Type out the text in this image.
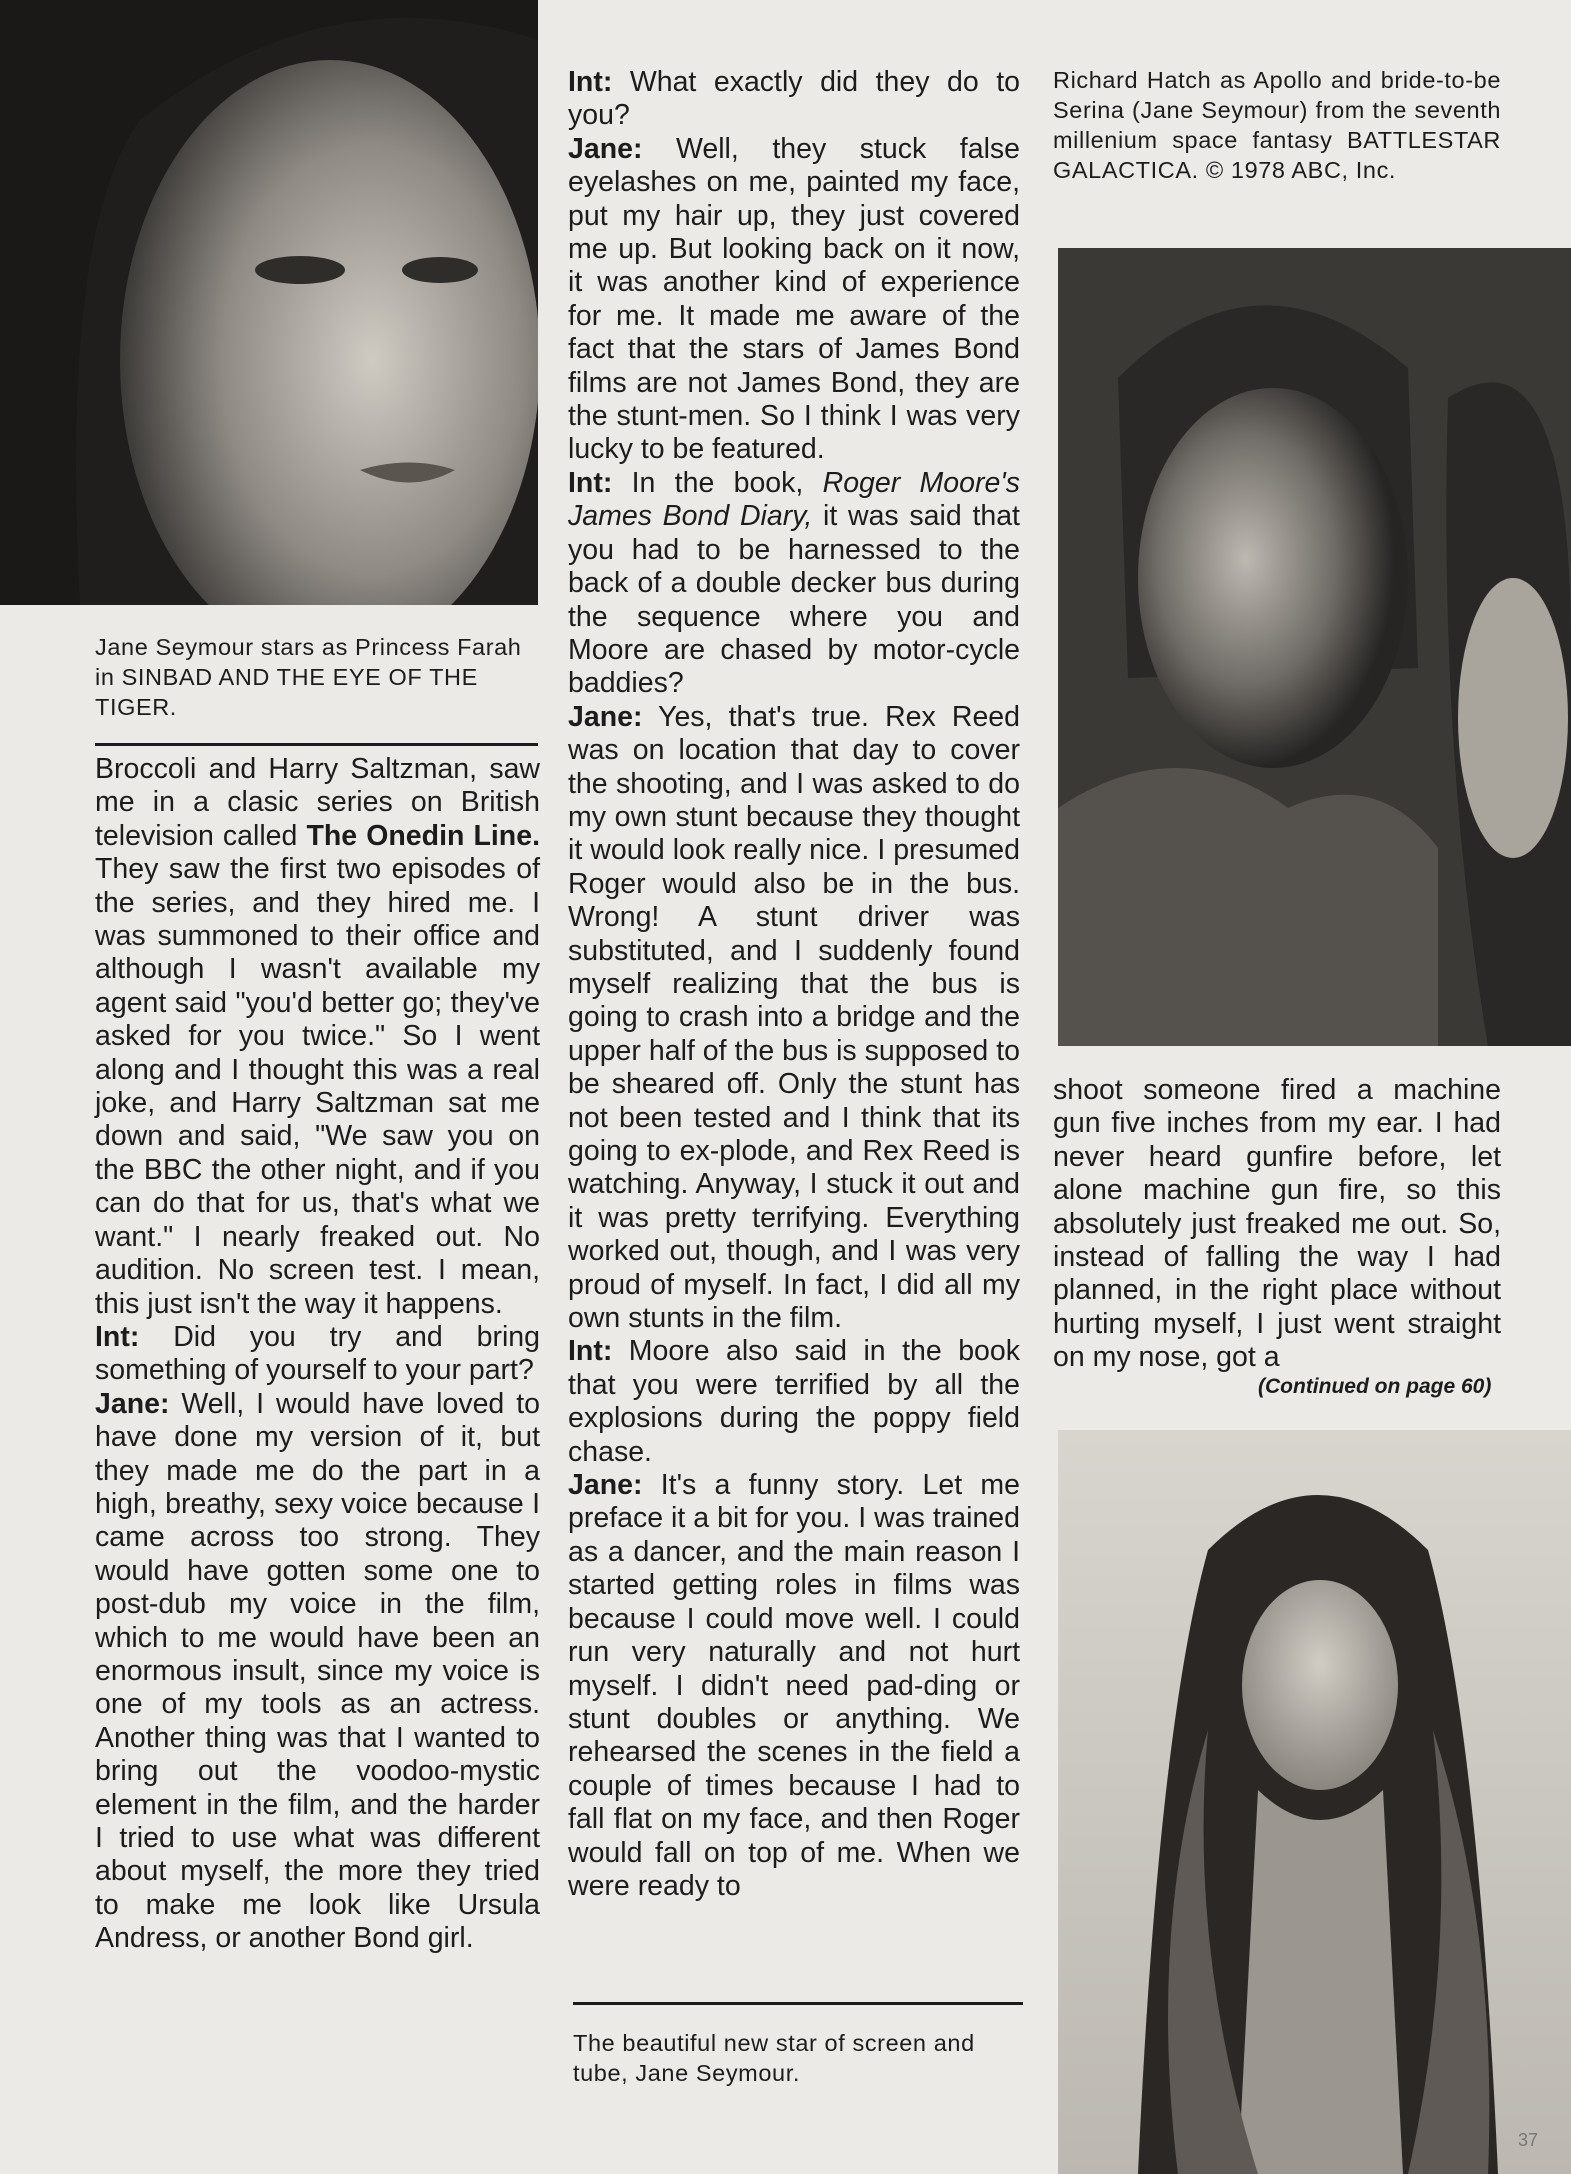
Jane Seymour stars as Princess Farah in SINBAD AND THE EYE OF THE TIGER.

Broccoli and Harry Saltzman, saw me in a clasic series on British television called The Onedin Line. They saw the first two episodes of the series, and they hired me. I was summoned to their office and although I wasn't available my agent said "you'd better go; they've asked for you twice." So I went along and I thought this was a real joke, and Harry Saltzman sat me down and said, "We saw you on the BBC the other night, and if you can do that for us, that's what we want." I nearly freaked out. No audition. No screen test. I mean, this just isn't the way it happens.

Int: Did you try and bring something of yourself to your part?

Jane: Well, I would have loved to have done my version of it, but they made me do the part in a high, breathy, sexy voice because I came across too strong. They would have gotten some one to post-dub my voice in the film, which to me would have been an enormous insult, since my voice is one of my tools as an actress. Another thing was that I wanted to bring out the voodoo-mystic element in the film, and the harder I tried to use what was different about myself, the more they tried to make me look like Ursula Andress, or another Bond girl.

Int: What exactly did they do to you?

Jane: Well, they stuck false eyelashes on me, painted my face, put my hair up, they just covered me up. But looking back on it now, it was another kind of experience for me. It made me aware of the fact that the stars of James Bond films are not James Bond, they are the stunt-men. So I think I was very lucky to be featured.

Int: In the book, Roger Moore's James Bond Diary, it was said that you had to be harnessed to the back of a double decker bus during the sequence where you and Moore are chased by motor-cycle baddies?

Jane: Yes, that's true. Rex Reed was on location that day to cover the shooting, and I was asked to do my own stunt because they thought it would look really nice. I presumed Roger would also be in the bus. Wrong! A stunt driver was substituted, and I suddenly found myself realizing that the bus is going to crash into a bridge and the upper half of the bus is supposed to be sheared off. Only the stunt has not been tested and I think that its going to ex-plode, and Rex Reed is watching. Anyway, I stuck it out and it was pretty terrifying. Everything worked out, though, and I was very proud of myself. In fact, I did all my own stunts in the film.

Int: Moore also said in the book that you were terrified by all the explosions during the poppy field chase.

Jane: It's a funny story. Let me preface it a bit for you. I was trained as a dancer, and the main reason I started getting roles in films was because I could move well. I could run very naturally and not hurt myself. I didn't need pad-ding or stunt doubles or anything. We rehearsed the scenes in the field a couple of times because I had to fall flat on my face, and then Roger would fall on top of me. When we were ready to

The beautiful new star of screen and tube, Jane Seymour.
Richard Hatch as Apollo and bride-to-be Serina (Jane Seymour) from the seventh millenium space fantasy BATTLESTAR GALACTICA. © 1978 ABC, Inc.

shoot someone fired a machine gun five inches from my ear. I had never heard gunfire before, let alone machine gun fire, so this absolutely just freaked me out. So, instead of falling the way I had planned, in the right place without hurting myself, I just went straight on my nose, got a

(Continued on page 60)
37
